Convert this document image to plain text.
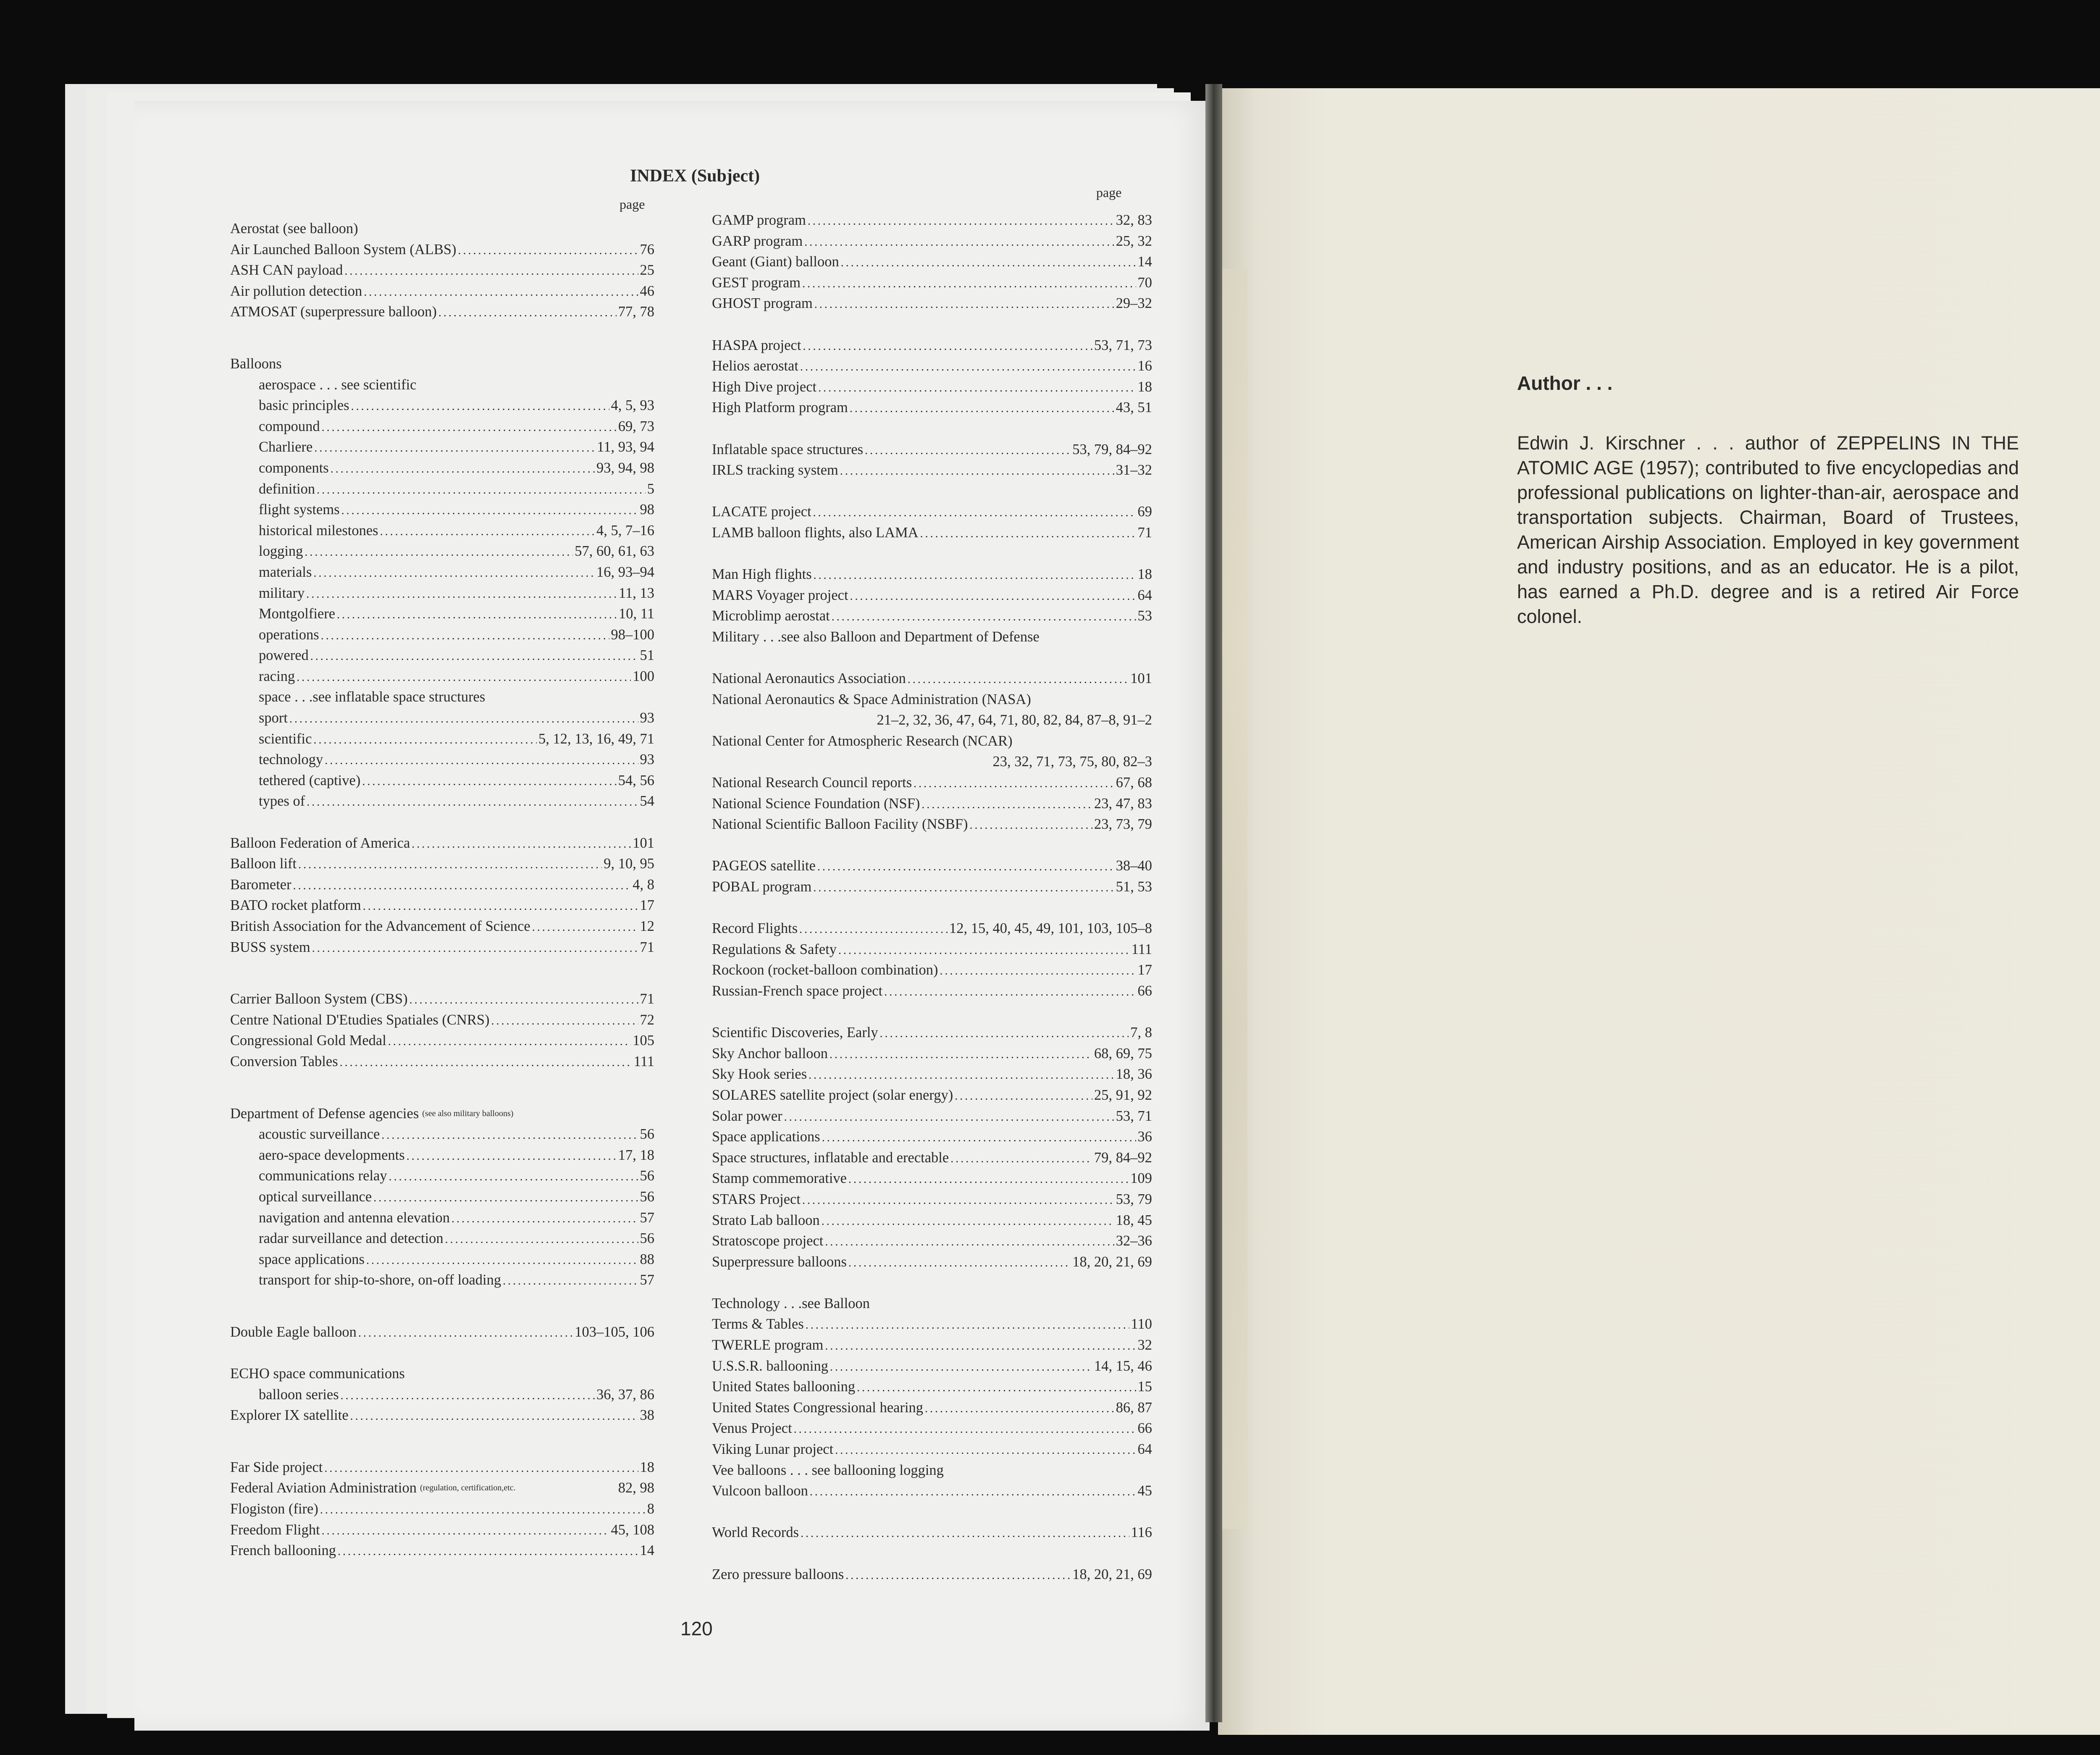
INDEX (Subject)
page
page
Aerostat (see balloon)
Air Launched Balloon System (ALBS) . . .	76
ASH CAN payload . . .	25
Air pollution detection . . .	46
ATMOSAT (superpressure balloon) . . .	77, 78
Balloons
aerospace . . . see scientific
basic principles . . .	4, 5, 93
compound . . .	69, 73
Charliere . . .	11, 93, 94
components . . .	93, 94, 98
definition . . .	5
flight systems . . .	98
historical milestones . . .	4, 5, 7–16
logging . . .	57, 60, 61, 63
materials . . .	16, 93–94
military . . .	11, 13
Montgolfiere . . .	10, 11
operations . . .	98–100
powered . . .	51
racing . . .	100
space . . .see inflatable space structures
sport . . .	93
scientific . . .	5, 12, 13, 16, 49, 71
technology . . .	93
tethered (captive) . . .	54, 56
types of . . .	54
Balloon Federation of America . . .	101
Balloon lift . . .	9, 10, 95
Barometer . . .	4, 8
BATO rocket platform . . .	17
British Association for the Advancement of Science . . .	12
BUSS system . . .	71
Carrier Balloon System (CBS) . . .	71
Centre National D'Etudies Spatiales (CNRS) . . .	72
Congressional Gold Medal . . .	105
Conversion Tables . . .	111
Department of Defense agencies (see also military balloons)
acoustic surveillance . . .	56
aero-space developments . . .	17, 18
communications relay . . .	56
optical surveillance . . .	56
navigation and antenna elevation . . .	57
radar surveillance and detection . . .	56
space applications . . .	88
transport for ship-to-shore, on-off loading . . .	57
Double Eagle balloon . . .	103–105, 106
ECHO space communications
balloon series . . .	36, 37, 86
Explorer IX satellite . . .	38
Far Side project . . .	18
Federal Aviation Administration (regulation, certification,etc.	82, 98
Flogiston (fire) . . .	8
Freedom Flight . . .	45, 108
French ballooning . . .	14
GAMP program . . .	32, 83
GARP program . . .	25, 32
Geant (Giant) balloon . . .	14
GEST program . . .	70
GHOST program . . .	29–32
HASPA project . . .	53, 71, 73
Helios aerostat . . .	16
High Dive project . . .	18
High Platform program . . .	43, 51
Inflatable space structures . . .	53, 79, 84–92
IRLS tracking system . . .	31–32
LACATE project . . .	69
LAMB balloon flights, also LAMA . . .	71
Man High flights . . .	18
MARS Voyager project . . .	64
Microblimp aerostat . . .	53
Military . . .see also Balloon and Department of Defense
National Aeronautics Association . . .	101
National Aeronautics & Space Administration (NASA)
21–2, 32, 36, 47, 64, 71, 80, 82, 84, 87–8, 91–2
National Center for Atmospheric Research (NCAR)
23, 32, 71, 73, 75, 80, 82–3
National Research Council reports . . .	67, 68
National Science Foundation (NSF) . . .	23, 47, 83
National Scientific Balloon Facility (NSBF) . . .	23, 73, 79
PAGEOS satellite . . .	38–40
POBAL program . . .	51, 53
Record Flights . . .	12, 15, 40, 45, 49, 101, 103, 105–8
Regulations & Safety . . .	111
Rockoon (rocket-balloon combination) . . .	17
Russian-French space project . . .	66
Scientific Discoveries, Early . . .	7, 8
Sky Anchor balloon . . .	68, 69, 75
Sky Hook series . . .	18, 36
SOLARES satellite project (solar energy) . . .	25, 91, 92
Solar power . . .	53, 71
Space applications . . .	36
Space structures, inflatable and erectable . . .	79, 84–92
Stamp commemorative . . .	109
STARS Project . . .	53, 79
Strato Lab balloon . . .	18, 45
Stratoscope project . . .	32–36
Superpressure balloons . . .	18, 20, 21, 69
Technology . . .see Balloon
Terms & Tables . . .	110
TWERLE program . . .	32
U.S.S.R. ballooning . . .	14, 15, 46
United States ballooning . . .	15
United States Congressional hearing . . .	86, 87
Venus Project . . .	66
Viking Lunar project . . .	64
Vee balloons . . . see ballooning logging
Vulcoon balloon . . .	45
World Records . . .	116
Zero pressure balloons . . .	18, 20, 21, 69
120
Author . . .
Edwin J. Kirschner . . . author of ZEPPELINS IN THE ATOMIC AGE (1957); contributed to five encyclopedias and professional publications on lighter-than-air, aerospace and transportation subjects. Chairman, Board of Trustees, American Airship Association. Employed in key government and industry positions, and as an educator. He is a pilot, has earned a Ph.D. degree and is a retired Air Force colonel.
